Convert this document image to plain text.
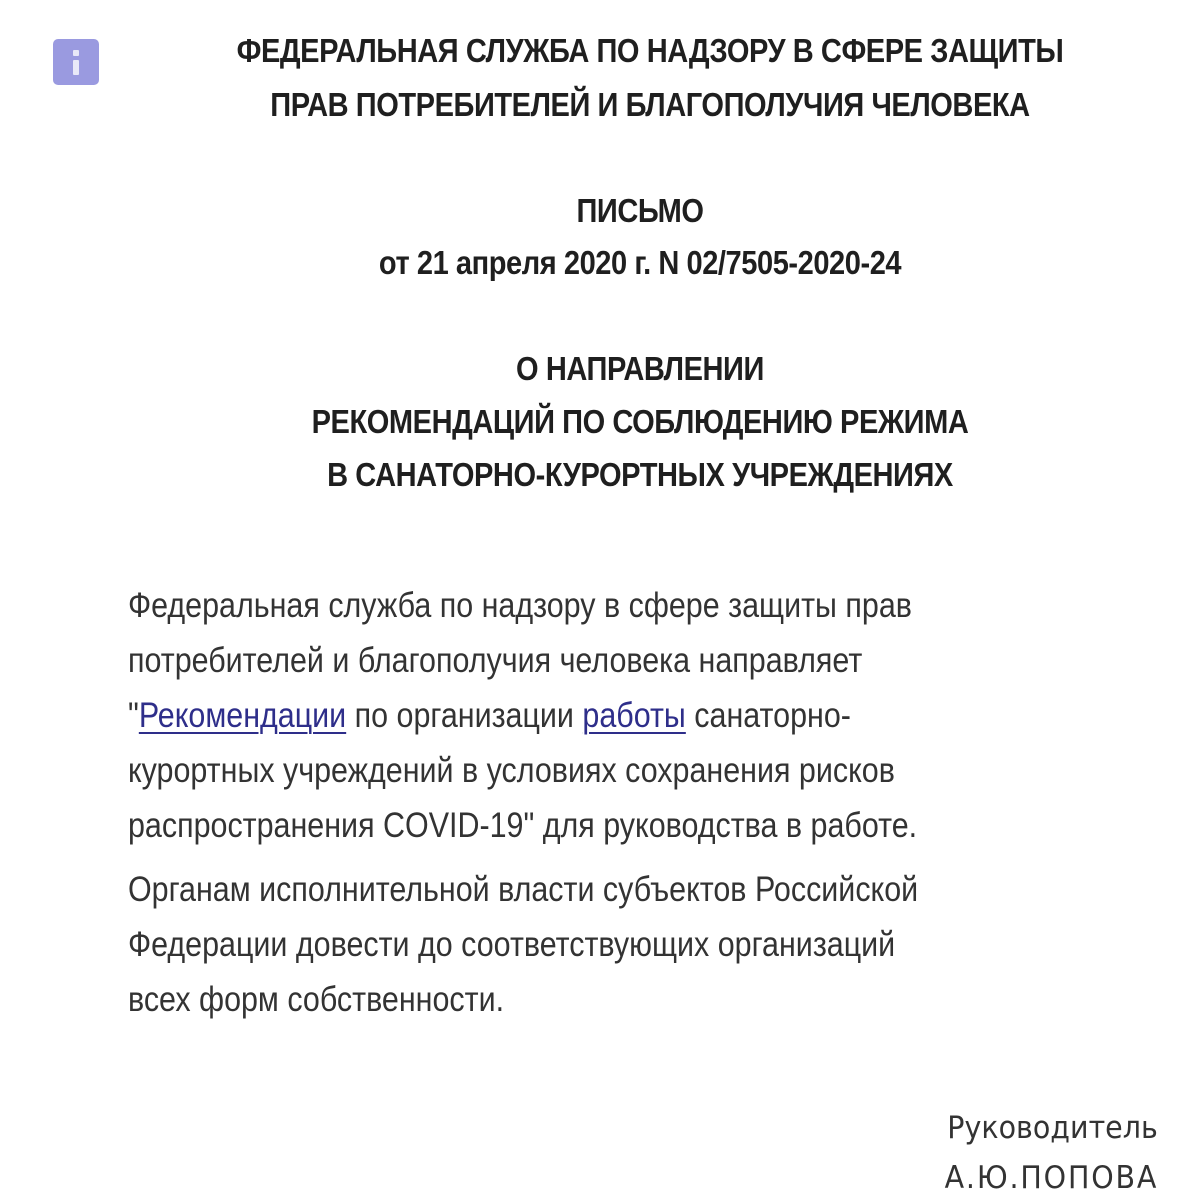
ФЕДЕРАЛЬНАЯ СЛУЖБА ПО НАДЗОРУ В СФЕРЕ ЗАЩИТЫ
ПРАВ ПОТРЕБИТЕЛЕЙ И БЛАГОПОЛУЧИЯ ЧЕЛОВЕКА
ПИСЬМО
от 21 апреля 2020 г. N 02/7505-2020-24
О НАПРАВЛЕНИИ
РЕКОМЕНДАЦИЙ ПО СОБЛЮДЕНИЮ РЕЖИМА
В САНАТОРНО-КУРОРТНЫХ УЧРЕЖДЕНИЯХ
Федеральная служба по надзору в сфере защиты прав
потребителей и благополучия человека направляет
"Рекомендации по организации работы санаторно-
курортных учреждений в условиях сохранения рисков
распространения COVID-19" для руководства в работе.
Органам исполнительной власти субъектов Российской
Федерации довести до соответствующих организаций
всех форм собственности.
Руководитель
А.Ю.ПОПОВА
